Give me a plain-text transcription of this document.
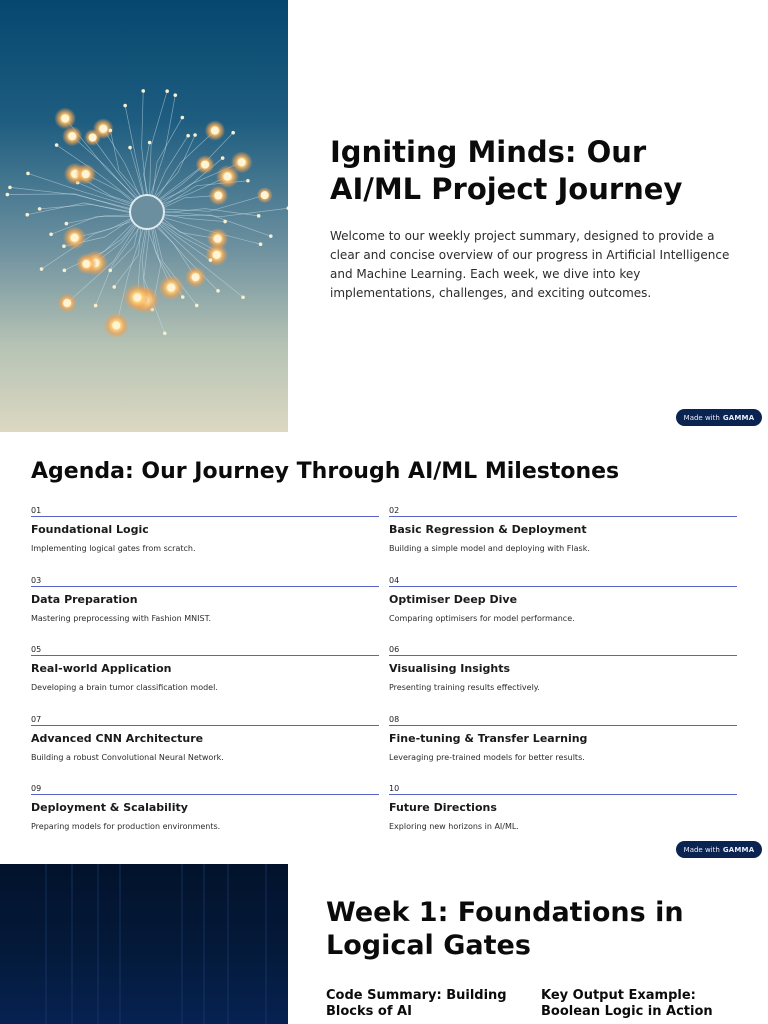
Igniting Minds: Our AI/ML Project Journey

Welcome to our weekly project summary, designed to provide a clear and concise overview of our progress in Artificial Intelligence and Machine Learning. Each week, we dive into key implementations, challenges, and exciting outcomes.

Made with GAMMA
Agenda: Our Journey Through AI/ML Milestones
01
Foundational Logic
Implementing logical gates from scratch.
02
Basic Regression & Deployment
Building a simple model and deploying with Flask.
03
Data Preparation
Mastering preprocessing with Fashion MNIST.
04
Optimiser Deep Dive
Comparing optimisers for model performance.
05
Real-world Application
Developing a brain tumor classification model.
06
Visualising Insights
Presenting training results effectively.
07
Advanced CNN Architecture
Building a robust Convolutional Neural Network.
08
Fine-tuning & Transfer Learning
Leveraging pre-trained models for better results.
09
Deployment & Scalability
Preparing models for production environments.
10
Future Directions
Exploring new horizons in AI/ML.
Made with GAMMA
Week 1: Foundations in Logical Gates
Code Summary: Building Blocks of AI
Key Output Example: Boolean Logic in Action
